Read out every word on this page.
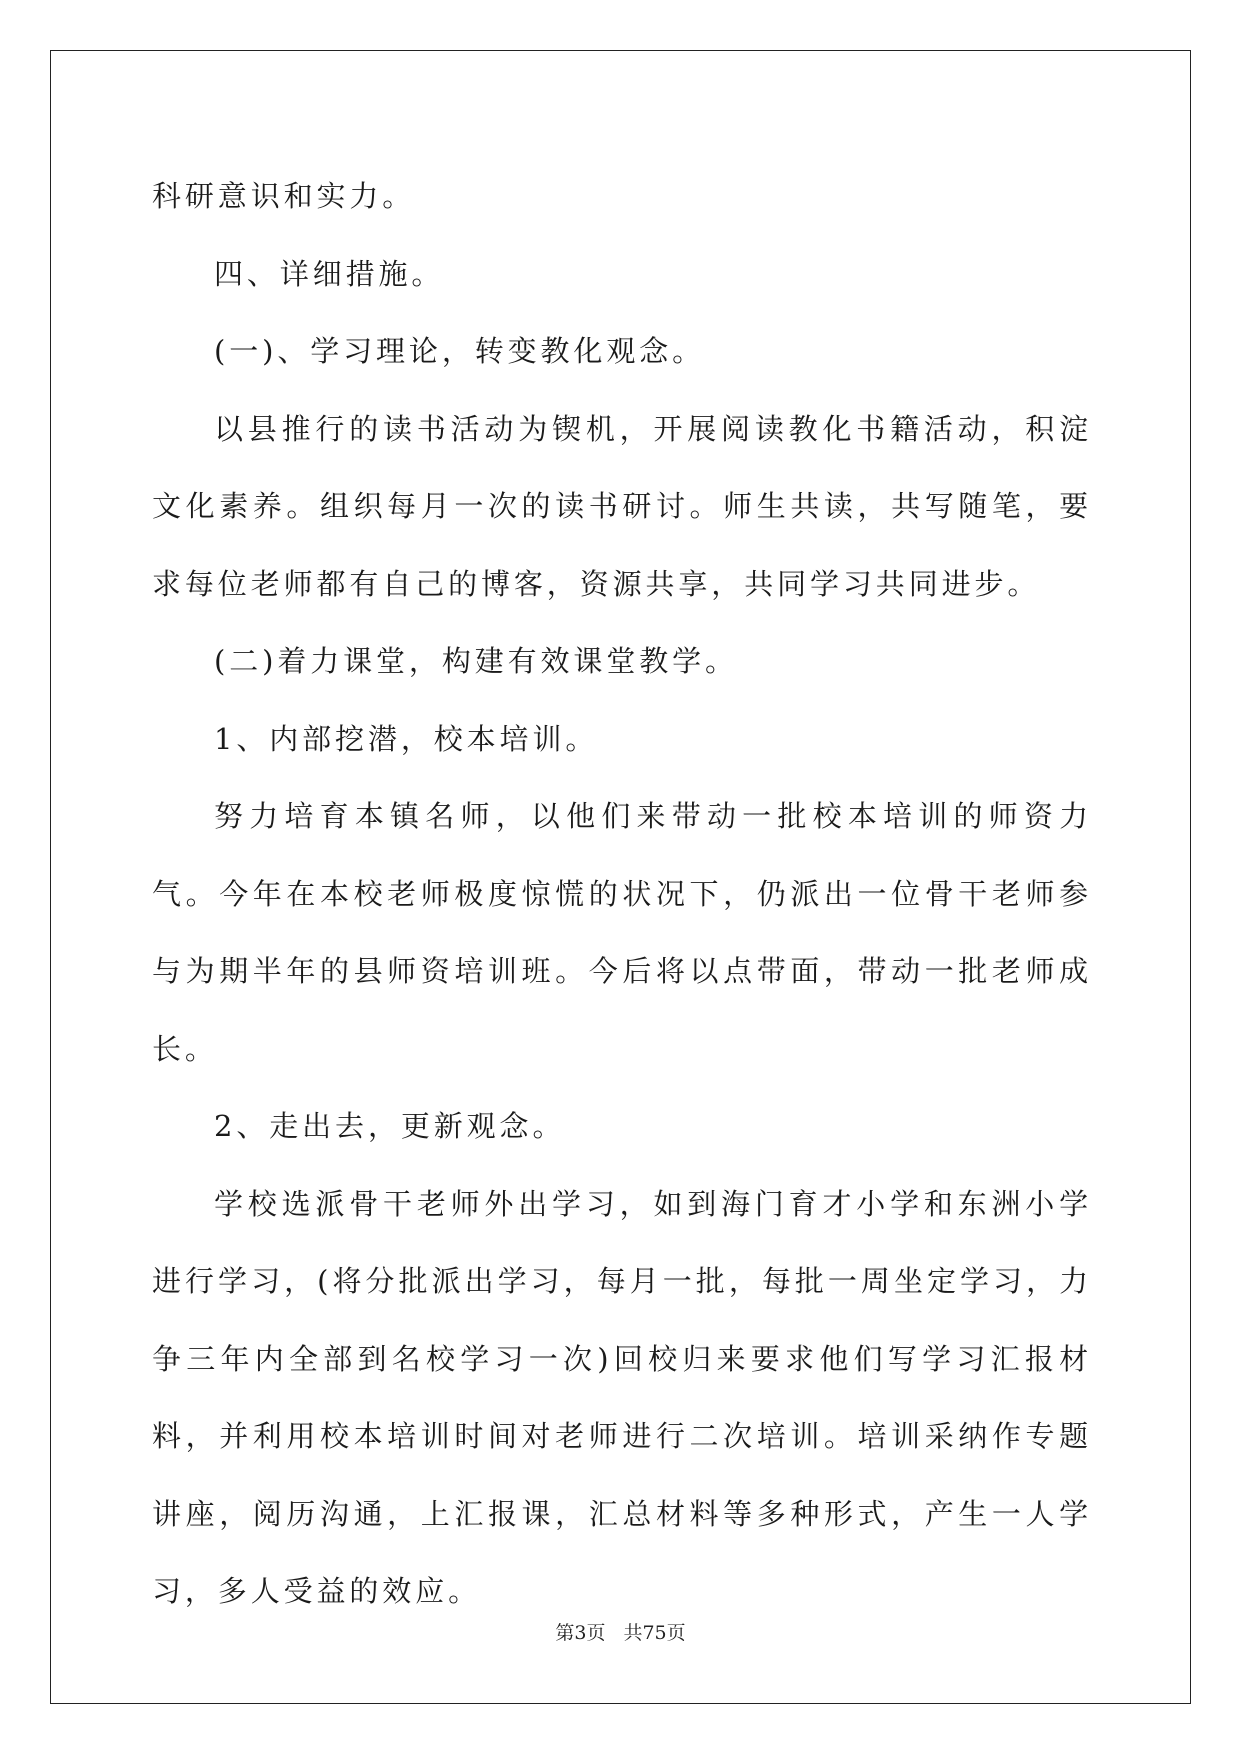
科研意识和实力。

四、详细措施。

(一)、学习理论，转变教化观念。

以县推行的读书活动为锲机，开展阅读教化书籍活动，积淀文化素养。组织每月一次的读书研讨。师生共读，共写随笔，要求每位老师都有自己的博客，资源共享，共同学习共同进步。

(二)着力课堂，构建有效课堂教学。

1、内部挖潜，校本培训。

努力培育本镇名师，以他们来带动一批校本培训的师资力气。今年在本校老师极度惊慌的状况下，仍派出一位骨干老师参与为期半年的县师资培训班。今后将以点带面，带动一批老师成长。

2、走出去，更新观念。

学校选派骨干老师外出学习，如到海门育才小学和东洲小学进行学习，(将分批派出学习，每月一批，每批一周坐定学习，力争三年内全部到名校学习一次)回校归来要求他们写学习汇报材料，并利用校本培训时间对老师进行二次培训。培训采纳作专题讲座，阅历沟通，上汇报课，汇总材料等多种形式，产生一人学习，多人受益的效应。

第3页 共75页
